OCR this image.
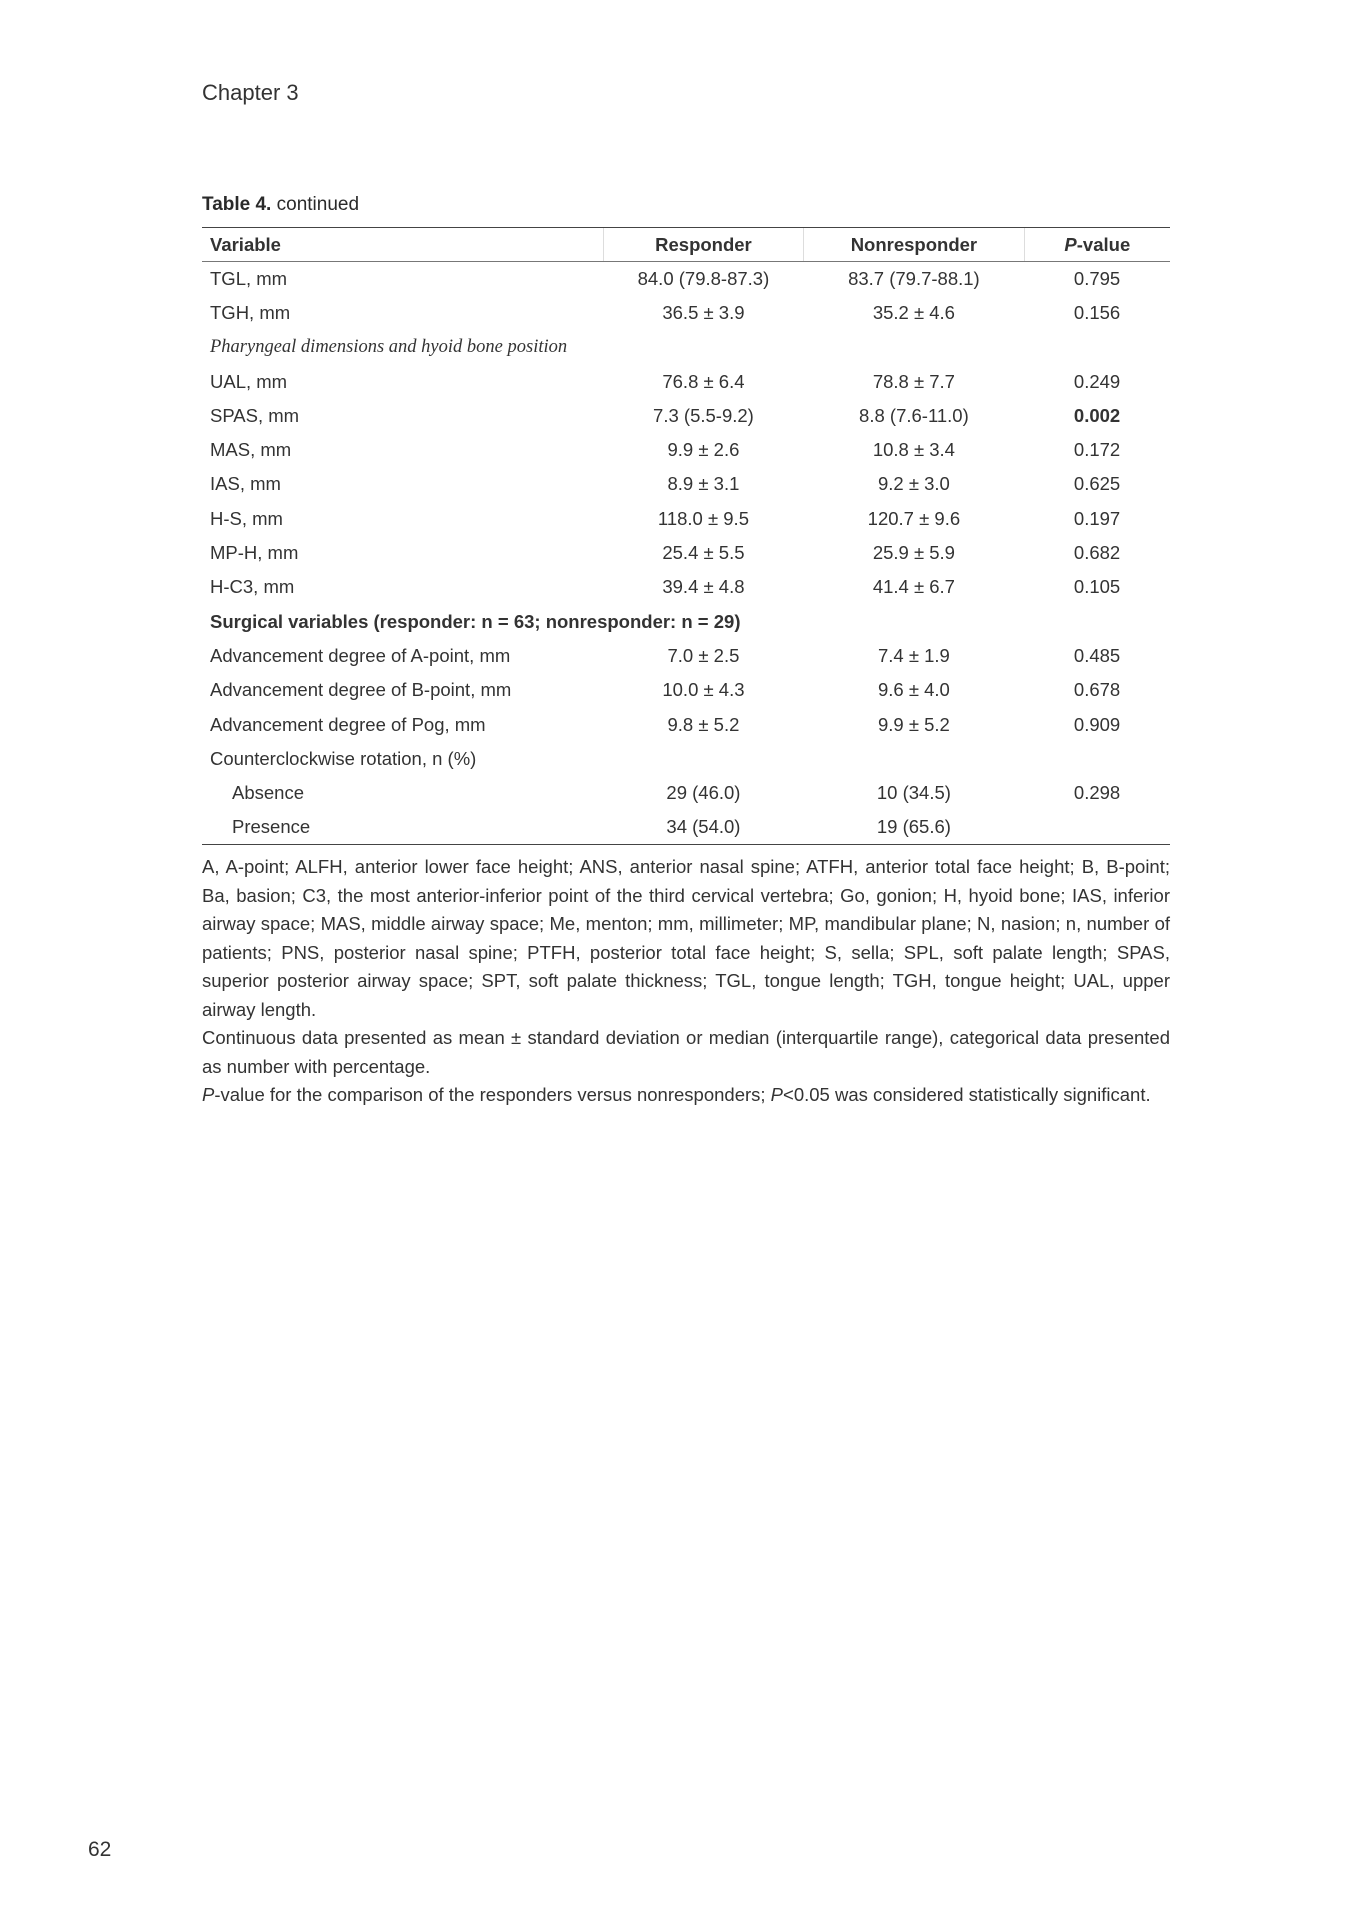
Chapter 3
Table 4. continued
Variable	Responder	Nonresponder	P-value
TGL, mm	84.0 (79.8-87.3)	83.7 (79.7-88.1)	0.795
TGH, mm	36.5 ± 3.9	35.2 ± 4.6	0.156
Pharyngeal dimensions and hyoid bone position			
UAL, mm	76.8 ± 6.4	78.8 ± 7.7	0.249
SPAS, mm	7.3 (5.5-9.2)	8.8 (7.6-11.0)	0.002
MAS, mm	9.9 ± 2.6	10.8 ± 3.4	0.172
IAS, mm	8.9 ± 3.1	9.2 ± 3.0	0.625
H-S, mm	118.0 ± 9.5	120.7 ± 9.6	0.197
MP-H, mm	25.4 ± 5.5	25.9 ± 5.9	0.682
H-C3, mm	39.4 ± 4.8	41.4 ± 6.7	0.105
Surgical variables (responder: n = 63; nonresponder: n = 29)			
Advancement degree of A-point, mm	7.0 ± 2.5	7.4 ± 1.9	0.485
Advancement degree of B-point, mm	10.0 ± 4.3	9.6 ± 4.0	0.678
Advancement degree of Pog, mm	9.8 ± 5.2	9.9 ± 5.2	0.909
Counterclockwise rotation, n (%)			
Absence	29 (46.0)	10 (34.5)	0.298
Presence	34 (54.0)	19 (65.6)	

A, A-point; ALFH, anterior lower face height; ANS, anterior nasal spine; ATFH, anterior total face height; B, B-point; Ba, basion; C3, the most anterior-inferior point of the third cervical vertebra; Go, gonion; H, hyoid bone; IAS, inferior airway space; MAS, middle airway space; Me, menton; mm, millimeter; MP, mandibular plane; N, nasion; n, number of patients; PNS, posterior nasal spine; PTFH, posterior total face height; S, sella; SPL, soft palate length; SPAS, superior posterior airway space; SPT, soft palate thickness; TGL, tongue length; TGH, tongue height; UAL, upper airway length.

Continuous data presented as mean ± standard deviation or median (interquartile range), categorical data presented as number with percentage.

P-value for the comparison of the responders versus nonresponders; P<0.05 was considered statistically significant.

62
